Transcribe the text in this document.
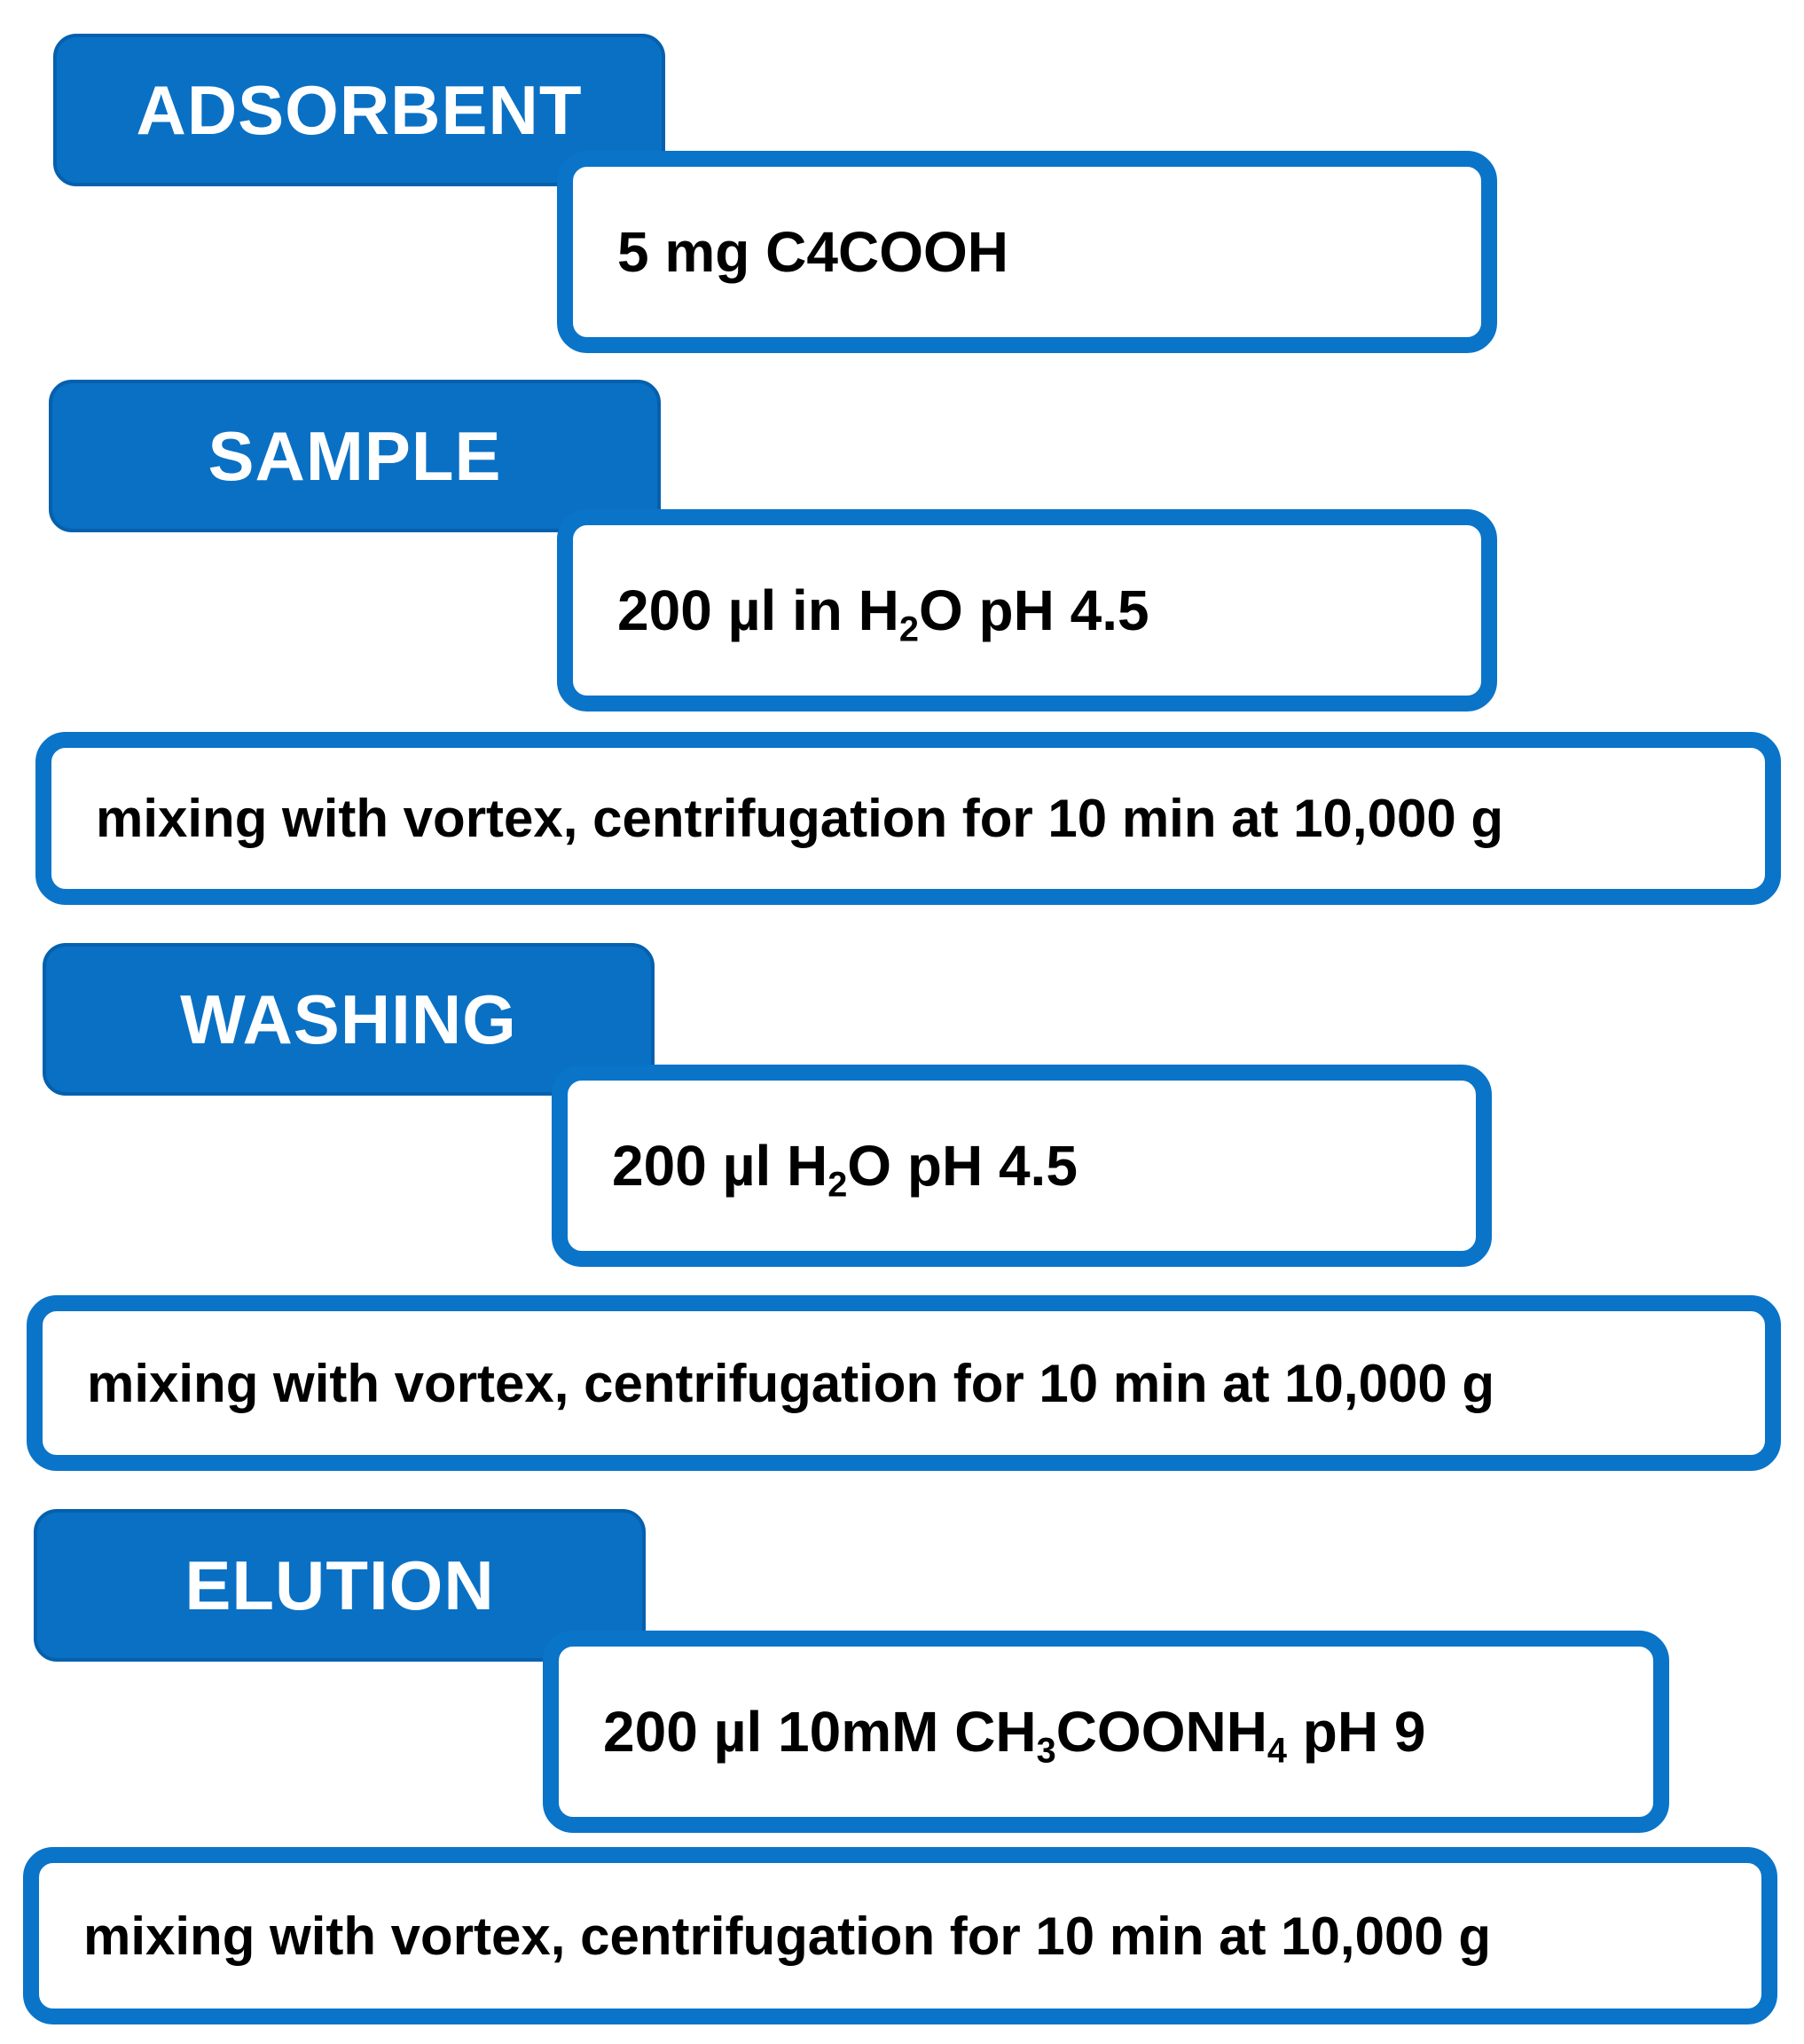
ADSORBENT
5 mg C4COOH
SAMPLE
200 µl in $H_2O$ pH 4.5
mixing with vortex, centrifugation for 10 min at 10,000 g
WASHING
200 µl $H_2O$ pH 4.5
mixing with vortex, centrifugation for 10 min at 10,000 g
ELUTION
200 µl 10mM $CH_3COONH_4$ pH 9
mixing with vortex, centrifugation for 10 min at 10,000 g
